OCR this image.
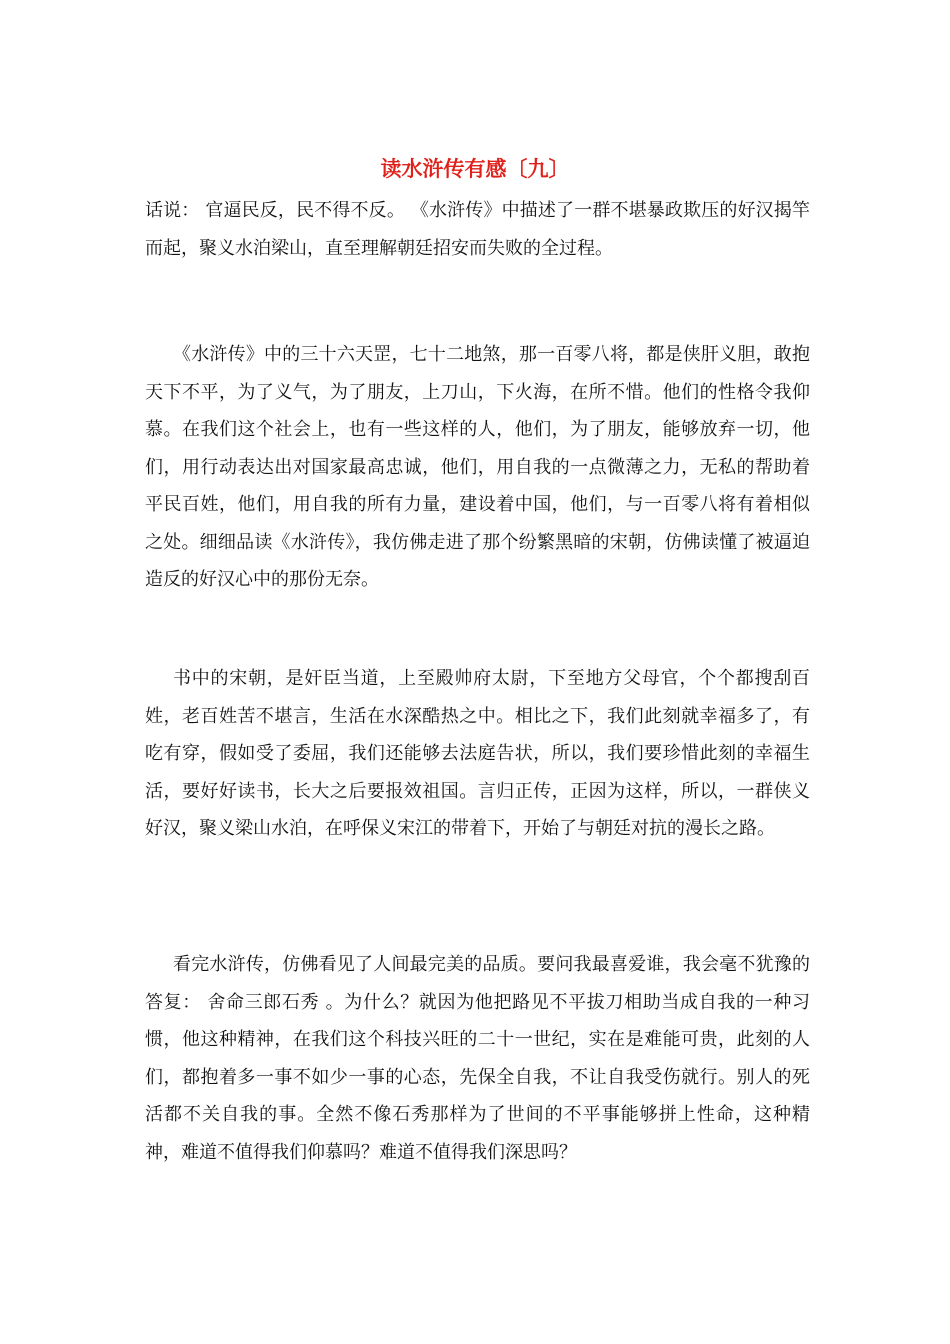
读水浒传有感〔九〕

话说： 官逼民反，民不得不反。 《水浒传》中描述了一群不堪暴政欺压的好汉揭竿而起，聚义水泊梁山，直至理解朝廷招安而失败的全过程。

《水浒传》中的三十六天罡，七十二地煞，那一百零八将，都是侠肝义胆，敢抱天下不平，为了义气，为了朋友，上刀山，下火海，在所不惜。他们的性格令我仰慕。在我们这个社会上，也有一些这样的人，他们，为了朋友，能够放弃一切，他们，用行动表达出对国家最高忠诚，他们，用自我的一点微薄之力，无私的帮助着平民百姓，他们，用自我的所有力量，建设着中国，他们，与一百零八将有着相似之处。细细品读《水浒传》，我仿佛走进了那个纷繁黑暗的宋朝，仿佛读懂了被逼迫造反的好汉心中的那份无奈。

书中的宋朝，是奸臣当道，上至殿帅府太尉，下至地方父母官，个个都搜刮百姓，老百姓苦不堪言，生活在水深酷热之中。相比之下，我们此刻就幸福多了，有吃有穿，假如受了委屈，我们还能够去法庭告状，所以，我们要珍惜此刻的幸福生活，要好好读书，长大之后要报效祖国。言归正传，正因为这样，所以，一群侠义好汉，聚义梁山水泊，在呼保义宋江的带着下，开始了与朝廷对抗的漫长之路。

看完水浒传，仿佛看见了人间最完美的品质。要问我最喜爱谁，我会毫不犹豫的答复： 舍命三郎石秀 。为什么？就因为他把路见不平拔刀相助当成自我的一种习惯，他这种精神，在我们这个科技兴旺的二十一世纪，实在是难能可贵，此刻的人们，都抱着多一事不如少一事的心态，先保全自我，不让自我受伤就行。别人的死活都不关自我的事。全然不像石秀那样为了世间的不平事能够拼上性命，这种精神，难道不值得我们仰慕吗？难道不值得我们深思吗？
